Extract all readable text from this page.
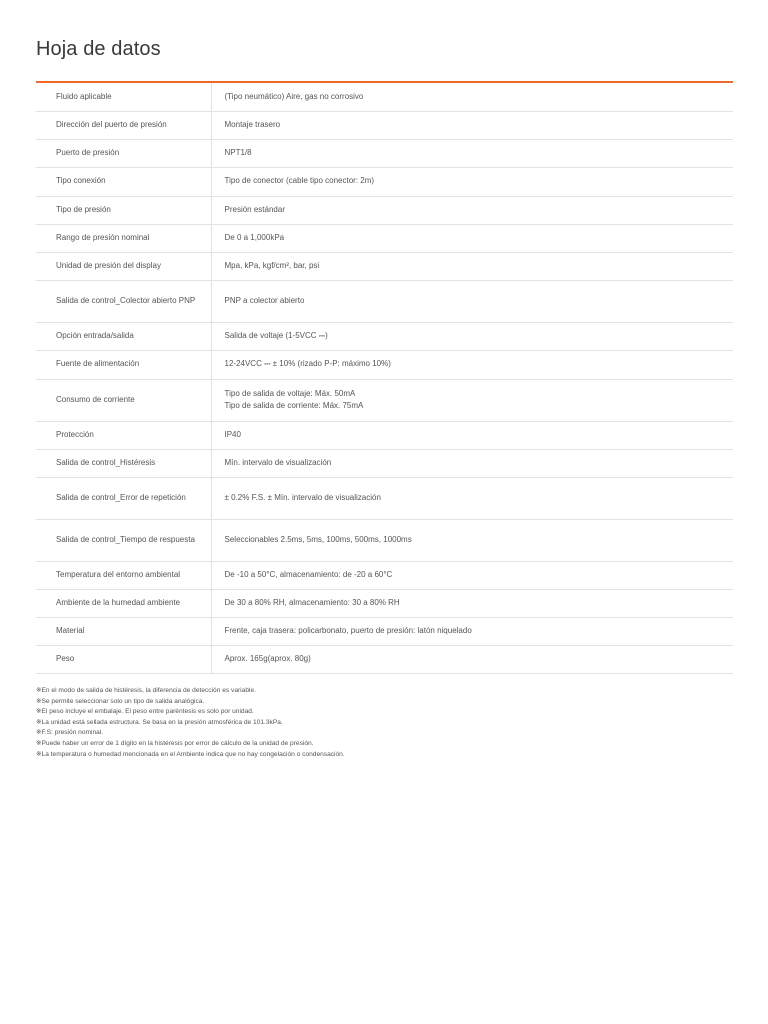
Hoja de datos
Fluido aplicable	(Tipo neumático) Aire, gas no corrosivo
Dirección del puerto de presión	Montaje trasero
Puerto de presión	NPT1/8
Tipo conexión	Tipo de conector (cable tipo conector: 2m)
Tipo de presión	Presión estándar
Rango de presión nominal	De 0 a 1,000kPa
Unidad de presión del display	Mpa, kPa, kgf/cm², bar, psi
Salida de control_Colector abierto PNP	PNP a colector abierto
Opción entrada/salida	Salida de voltaje (1-5VCC ⎓)
Fuente de alimentación	12-24VCC ⎓ ± 10% (rizado P-P: máximo 10%)
Consumo de corriente	Tipo de salida de voltaje: Máx. 50mA
Tipo de salida de corriente: Máx. 75mA

Protección	IP40
Salida de control_Histéresis	Mín. intervalo de visualización
Salida de control_Error de repetición	± 0.2% F.S. ± Mín. intervalo de visualización
Salida de control_Tiempo de respuesta	Seleccionables 2.5ms, 5ms, 100ms, 500ms, 1000ms
Temperatura del entorno ambiental	De -10 a 50°C, almacenamiento: de -20 a 60°C
Ambiente de la humedad ambiente	De 30 a 80% RH, almacenamiento: 30 a 80% RH
Material	Frente, caja trasera: policarbonato, puerto de presión: latón niquelado
Peso	Aprox. 165g(aprox. 80g)
※En el modo de salida de histéresis, la diferencia de detección es variable.
※Se permite seleccionar solo un tipo de salida analógica.
※El peso incluye el embalaje. El peso entre paréntesis es solo por unidad.
※La unidad está sellada estructura. Se basa en la presión atmosférica de 101.3kPa.
※F.S: presión nominal.
※Puede haber un error de 1 dígito en la histéresis por error de cálculo de la unidad de presión.
※La temperatura o humedad mencionada en el Ambiente indica que no hay congelación o condensación.
